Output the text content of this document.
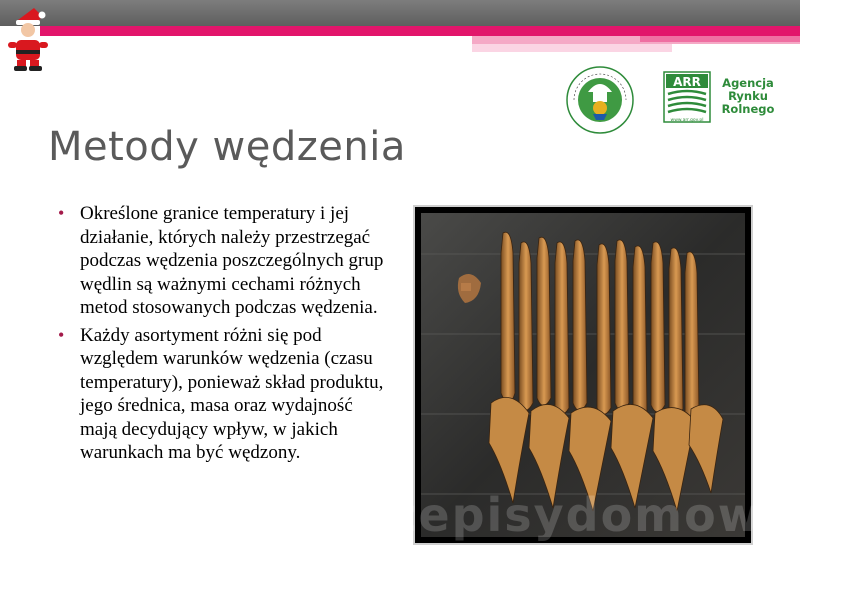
ARR
www.arr.gov.pl
Agencja
Rynku
Rolnego
Metody wędzenia
• Określone granice temperatury i jej działanie, których należy przestrzegać podczas wędzenia poszczególnych grup wędlin są ważnymi cechami różnych metod stosowanych podczas wędzenia.
• Każdy asortyment różni się pod względem warunków wędzenia (czasu temperatury), ponieważ skład produktu, jego średnica, masa oraz wydajność mają decydujący wpływ, w jakich warunkach ma być wędzony.
przepisydomowe.pl
